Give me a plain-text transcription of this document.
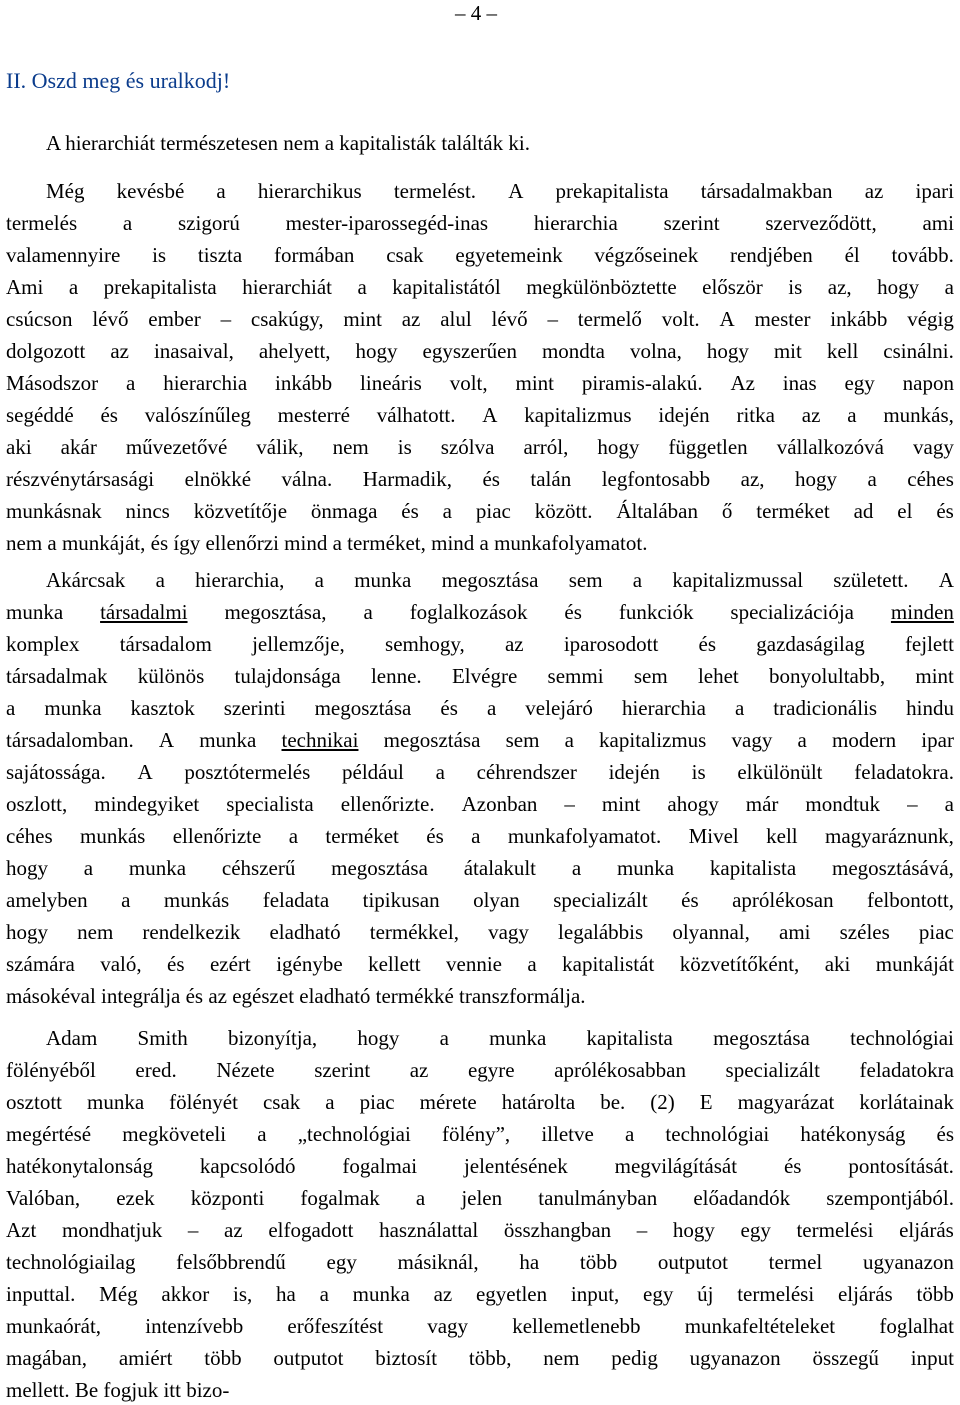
– 4 –
II. Oszd meg és uralkodj!
A hierarchiát természetesen nem a kapitalisták találták ki.
Még kevésbé a hierarchikus termelést. A prekapitalista társadalmakban az ipari
termelés a szigorú mester-iparossegéd-inas hierarchia szerint szerveződött, ami
valamennyire is tiszta formában csak egyetemeink végzőseinek rendjében él tovább.
Ami a prekapitalista hierarchiát a kapitalistától megkülönböztette először is az, hogy a
csúcson lévő ember – csakúgy, mint az alul lévő – termelő volt. A mester inkább végig
dolgozott az inasaival, ahelyett, hogy egyszerűen mondta volna, hogy mit kell csinálni.
Másodszor a hierarchia inkább lineáris volt, mint piramis-alakú. Az inas egy napon
segéddé és valószínűleg mesterré válhatott. A kapitalizmus idején ritka az a munkás,
aki akár művezetővé válik, nem is szólva arról, hogy független vállalkozóvá vagy
részvénytársasági elnökké válna. Harmadik, és talán legfontosabb az, hogy a céhes
munkásnak nincs közvetítője önmaga és a piac között. Általában ő terméket ad el és
nem a munkáját, és így ellenőrzi mind a terméket, mind a munkafolyamatot.
Akárcsak a hierarchia, a munka megosztása sem a kapitalizmussal született. A
munka társadalmi megosztása, a foglalkozások és funkciók specializációja minden
komplex társadalom jellemzője, semhogy, az iparosodott és gazdaságilag fejlett
társadalmak különös tulajdonsága lenne. Elvégre semmi sem lehet bonyolultabb, mint
a munka kasztok szerinti megosztása és a velejáró hierarchia a tradicionális hindu
társadalomban. A munka technikai megosztása sem a kapitalizmus vagy a modern ipar
sajátossága. A posztótermelés például a céhrendszer idején is elkülönült feladatokra.
oszlott, mindegyiket specialista ellenőrizte. Azonban – mint ahogy már mondtuk – a
céhes munkás ellenőrizte a terméket és a munkafolyamatot. Mivel kell magyaráznunk,
hogy a munka céhszerű megosztása átalakult a munka kapitalista megosztásává,
amelyben a munkás feladata tipikusan olyan specializált és aprólékosan felbontott,
hogy nem rendelkezik eladható termékkel, vagy legalábbis olyannal, ami széles piac
számára való, és ezért igénybe kellett vennie a kapitalistát közvetítőként, aki munkáját
másokéval integrálja és az egészet eladható termékké transzformálja.
Adam Smith bizonyítja, hogy a munka kapitalista megosztása technológiai
fölényéből ered. Nézete szerint az egyre aprólékosabban specializált feladatokra
osztott munka fölényét csak a piac mérete határolta be. (2) E magyarázat korlátainak
megértésé megköveteli a „technológiai fölény”, illetve a technológiai hatékonyság és
hatékonytalonság kapcsolódó fogalmai jelentésének megvilágítását és pontosítását.
Valóban, ezek központi fogalmak a jelen tanulmányban előadandók szempontjából.
Azt mondhatjuk – az elfogadott használattal összhangban – hogy egy termelési eljárás
technológiailag felsőbbrendű egy másiknál, ha több outputot termel ugyanazon
inputtal. Még akkor is, ha a munka az egyetlen input, egy új termelési eljárás több
munkaórát, intenzívebb erőfeszítést vagy kellemetlenebb munkafeltételeket foglalhat
magában, amiért több outputot biztosít több, nem pedig ugyanazon összegű input
mellett. Be fogjuk itt bizo-
